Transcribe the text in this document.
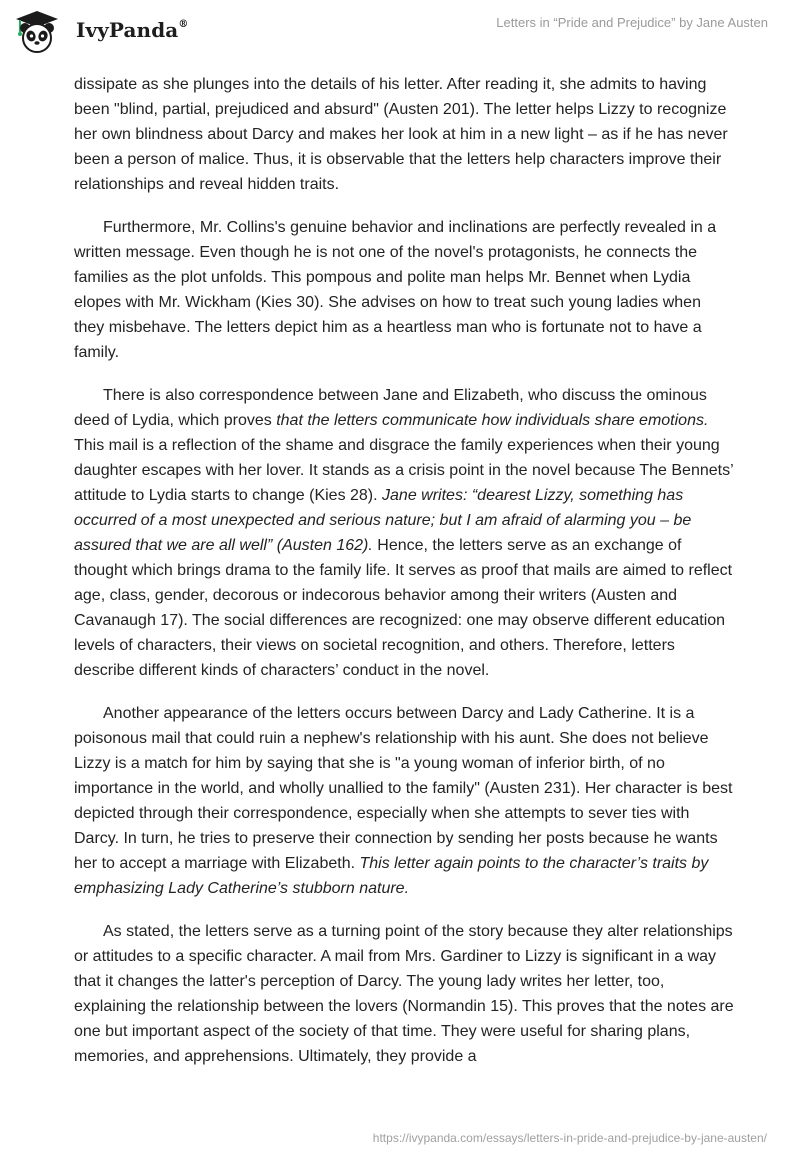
IvyPanda®	Letters in “Pride and Prejudice” by Jane Austen

dissipate as she plunges into the details of his letter. After reading it, she admits to having been "blind, partial, prejudiced and absurd" (Austen 201). The letter helps Lizzy to recognize her own blindness about Darcy and makes her look at him in a new light – as if he has never been a person of malice. Thus, it is observable that the letters help characters improve their relationships and reveal hidden traits.

Furthermore, Mr. Collins's genuine behavior and inclinations are perfectly revealed in a written message. Even though he is not one of the novel's protagonists, he connects the families as the plot unfolds. This pompous and polite man helps Mr. Bennet when Lydia elopes with Mr. Wickham (Kies 30). She advises on how to treat such young ladies when they misbehave. The letters depict him as a heartless man who is fortunate not to have a family.

There is also correspondence between Jane and Elizabeth, who discuss the ominous deed of Lydia, which proves that the letters communicate how individuals share emotions. This mail is a reflection of the shame and disgrace the family experiences when their young daughter escapes with her lover. It stands as a crisis point in the novel because The Bennets’ attitude to Lydia starts to change (Kies 28). Jane writes: “dearest Lizzy, something has occurred of a most unexpected and serious nature; but I am afraid of alarming you – be assured that we are all well” (Austen 162). Hence, the letters serve as an exchange of thought which brings drama to the family life. It serves as proof that mails are aimed to reflect age, class, gender, decorous or indecorous behavior among their writers (Austen and Cavanaugh 17). The social differences are recognized: one may observe different education levels of characters, their views on societal recognition, and others. Therefore, letters describe different kinds of characters’ conduct in the novel.

Another appearance of the letters occurs between Darcy and Lady Catherine. It is a poisonous mail that could ruin a nephew's relationship with his aunt. She does not believe Lizzy is a match for him by saying that she is "a young woman of inferior birth, of no importance in the world, and wholly unallied to the family" (Austen 231). Her character is best depicted through their correspondence, especially when she attempts to sever ties with Darcy. In turn, he tries to preserve their connection by sending her posts because he wants her to accept a marriage with Elizabeth. This letter again points to the character’s traits by emphasizing Lady Catherine’s stubborn nature.

As stated, the letters serve as a turning point of the story because they alter relationships or attitudes to a specific character. A mail from Mrs. Gardiner to Lizzy is significant in a way that it changes the latter's perception of Darcy. The young lady writes her letter, too, explaining the relationship between the lovers (Normandin 15). This proves that the notes are one but important aspect of the society of that time. They were useful for sharing plans, memories, and apprehensions. Ultimately, they provide a

https://ivypanda.com/essays/letters-in-pride-and-prejudice-by-jane-austen/
